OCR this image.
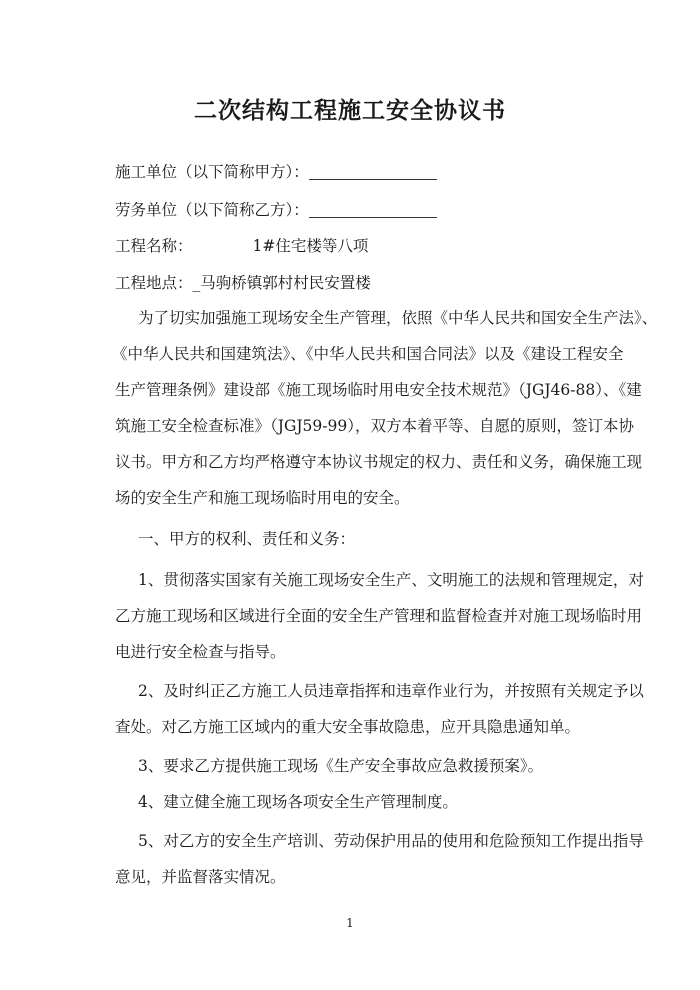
二次结构工程施工安全协议书
施工单位（以下简称甲方）：
劳务单位（以下简称乙方）：
工程名称：	1#住宅楼等八项
工程地点：_马驹桥镇郭村村民安置楼
为了切实加强施工现场安全生产管理，依照《中华人民共和国安全生产法》、
《中华人民共和国建筑法》、《中华人民共和国合同法》以及《建设工程安全
生产管理条例》建设部《施工现场临时用电安全技术规范》（JGJ46-88）、《建
筑施工安全检查标准》（JGJ59-99），双方本着平等、自愿的原则，签订本协
议书。甲方和乙方均严格遵守本协议书规定的权力、责任和义务，确保施工现
场的安全生产和施工现场临时用电的安全。
一、甲方的权利、责任和义务：
1、贯彻落实国家有关施工现场安全生产、文明施工的法规和管理规定，对
乙方施工现场和区域进行全面的安全生产管理和监督检查并对施工现场临时用
电进行安全检查与指导。
2、及时纠正乙方施工人员违章指挥和违章作业行为，并按照有关规定予以
查处。对乙方施工区域内的重大安全事故隐患，应开具隐患通知单。
3、要求乙方提供施工现场《生产安全事故应急救援预案》。
4、建立健全施工现场各项安全生产管理制度。
5、对乙方的安全生产培训、劳动保护用品的使用和危险预知工作提出指导
意见，并监督落实情况。
1
